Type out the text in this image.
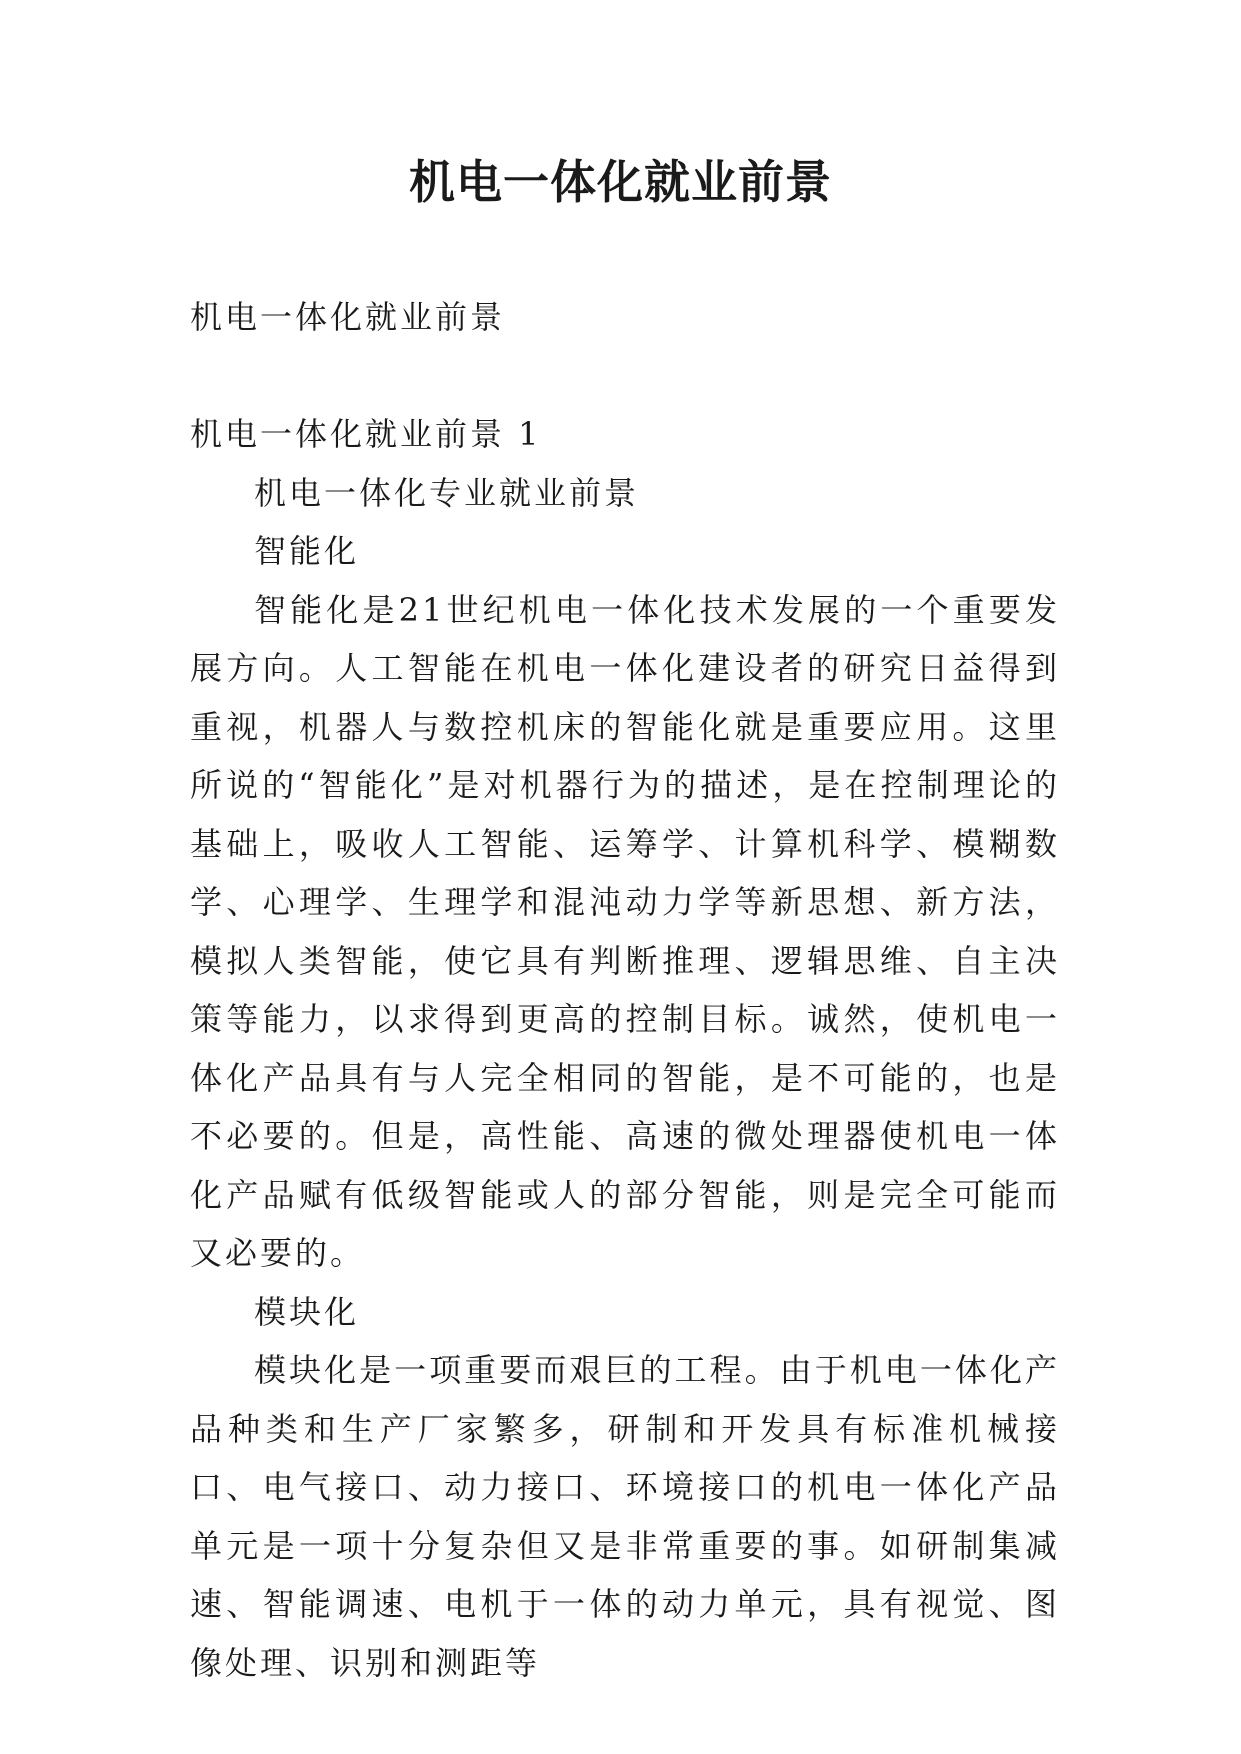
机电一体化就业前景

机电一体化就业前景

机电一体化就业前景 1

机电一体化专业就业前景

智能化

智能化是21世纪机电一体化技术发展的一个重要发展方向。人工智能在机电一体化建设者的研究日益得到重视，机器人与数控机床的智能化就是重要应用。这里所说的“智能化”是对机器行为的描述，是在控制理论的基础上，吸收人工智能、运筹学、计算机科学、模糊数学、心理学、生理学和混沌动力学等新思想、新方法，模拟人类智能，使它具有判断推理、逻辑思维、自主决策等能力，以求得到更高的控制目标。诚然，使机电一体化产品具有与人完全相同的智能，是不可能的，也是不必要的。但是，高性能、高速的微处理器使机电一体化产品赋有低级智能或人的部分智能，则是完全可能而又必要的。

模块化

模块化是一项重要而艰巨的工程。由于机电一体化产品种类和生产厂家繁多，研制和开发具有标准机械接口、电气接口、动力接口、环境接口的机电一体化产品单元是一项十分复杂但又是非常重要的事。如研制集减速、智能调速、电机于一体的动力单元，具有视觉、图像处理、识别和测距等
